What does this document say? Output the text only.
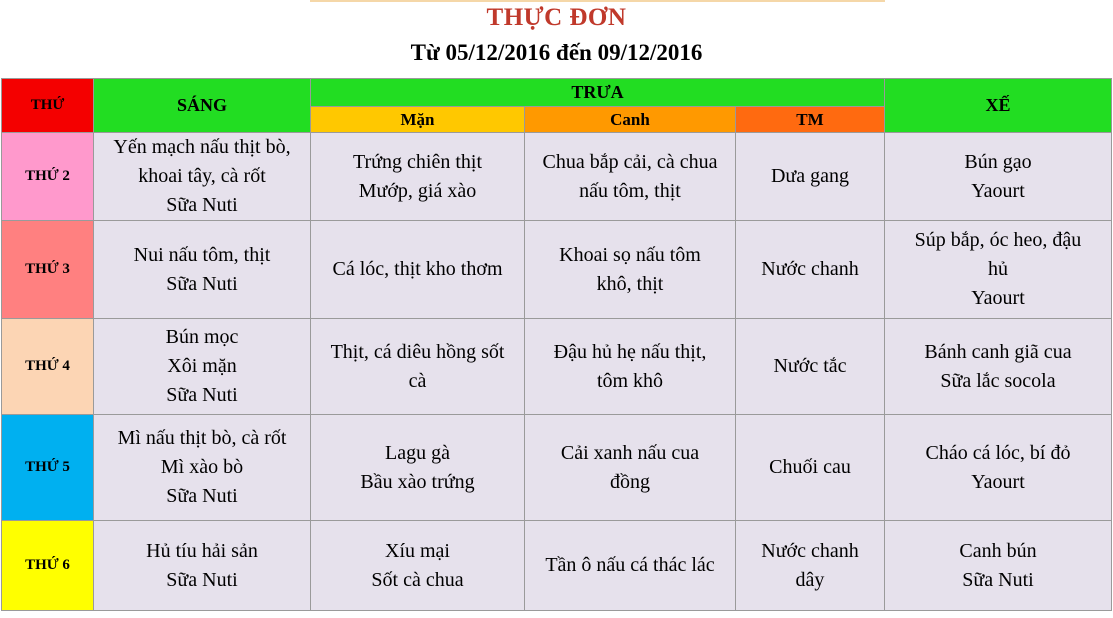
THỰC ĐƠN
Từ 05/12/2016 đến 09/12/2016
THỨ	SÁNG	TRƯA			XẾ
		Mặn	Canh	TM	
THỨ 2	Yến mạch nấu thịt bò,
khoai tây, cà rốt
Sữa Nuti	Trứng chiên thịt
Mướp, giá xào	Chua bắp cải, cà chua
nấu tôm, thịt	Dưa gang	Bún gạo
Yaourt

THỨ 3	Nui nấu tôm, thịt
Sữa Nuti	Cá lóc, thịt kho thơm	Khoai sọ nấu tôm
khô, thịt	Nước chanh	Súp bắp, óc heo, đậu
hủ
Yaourt

THỨ 4	Bún mọc
Xôi mặn
Sữa Nuti	Thịt, cá diêu hồng sốt
cà	Đậu hủ hẹ nấu thịt,
tôm khô	Nước tắc	Bánh canh giã cua
Sữa lắc socola

THỨ 5	Mì nấu thịt bò, cà rốt
Mì xào bò
Sữa Nuti	Lagu gà
Bầu xào trứng	Cải xanh nấu cua
đồng	Chuối cau	Cháo cá lóc, bí đỏ
Yaourt

THỨ 6	Hủ tíu hải sản
Sữa Nuti	Xíu mại
Sốt cà chua	Tần ô nấu cá thác lác	Nước chanh
dây	Canh bún
Sữa Nuti
